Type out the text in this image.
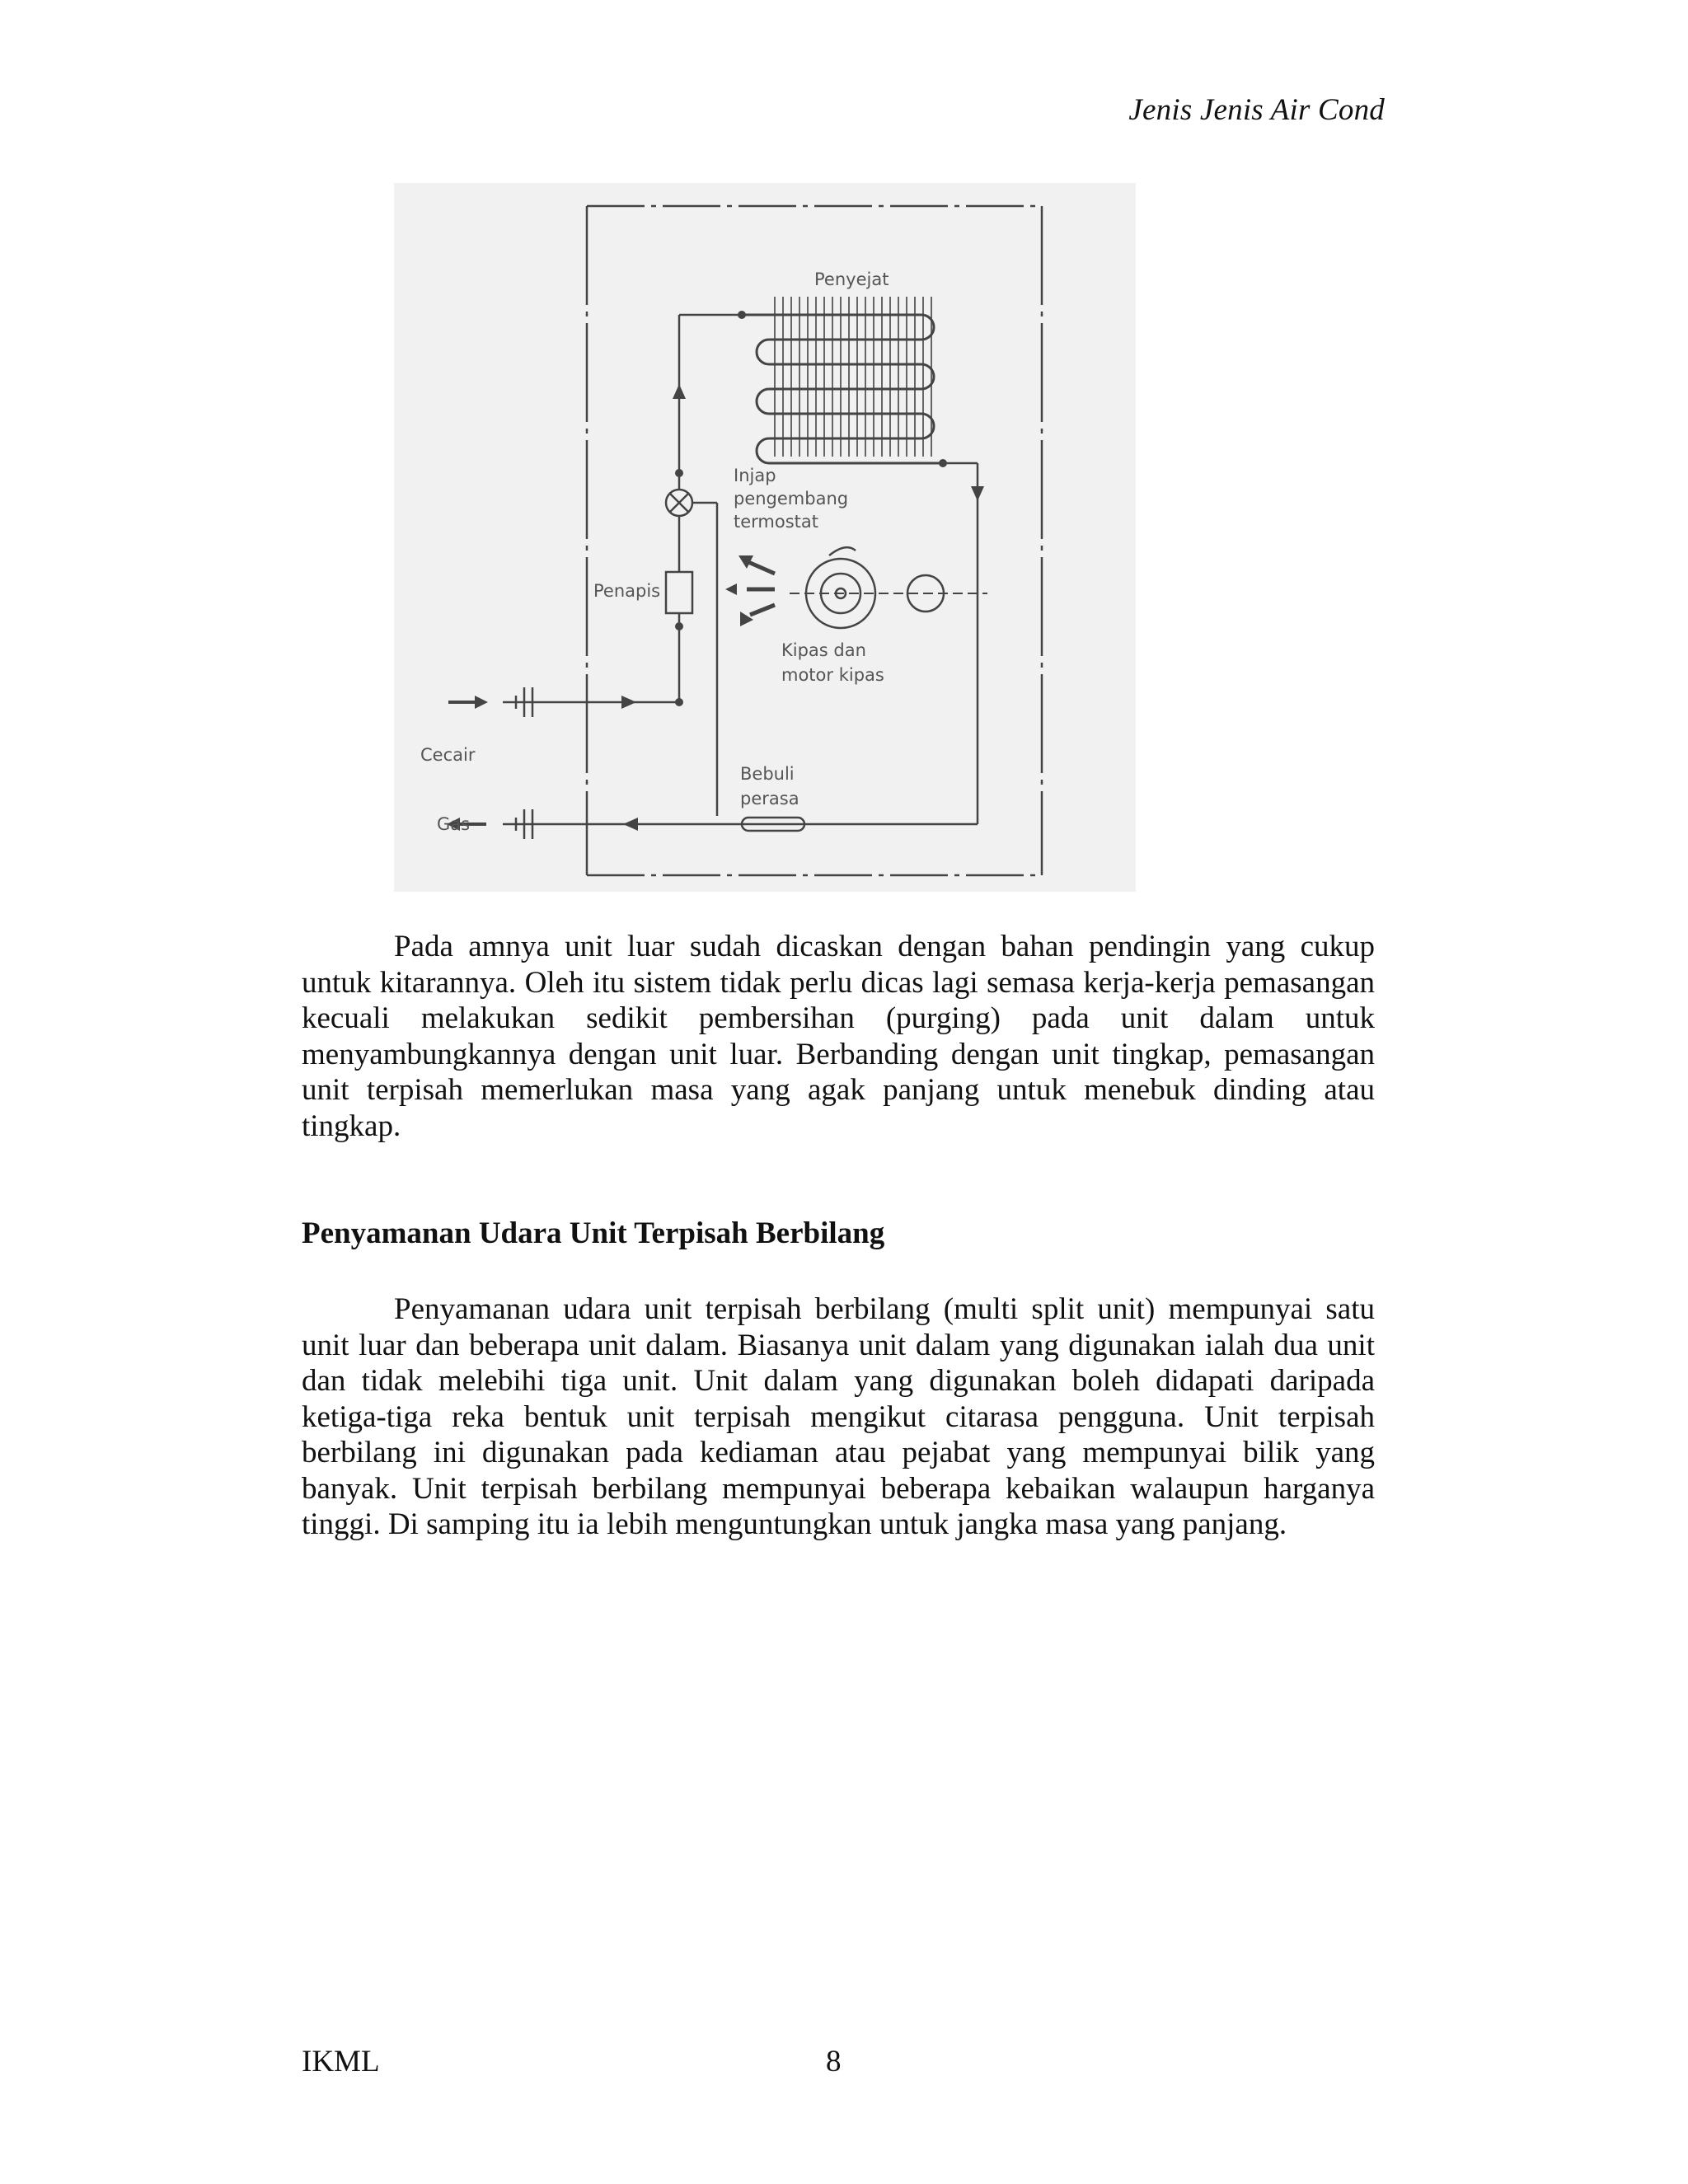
Jenis Jenis Air Cond
Penyejat
Injap
pengembang
termostat
Penapis
Kipas dan
motor kipas
Cecair
Bebuli
perasa
Gas

Pada amnya unit luar sudah dicaskan dengan bahan pendingin yang cukup untuk kitarannya. Oleh itu sistem tidak perlu dicas lagi semasa kerja-kerja pemasangan kecuali melakukan sedikit pembersihan (purging) pada unit dalam untuk menyambungkannya dengan unit luar. Berbanding dengan unit tingkap, pemasangan unit terpisah memerlukan masa yang agak panjang untuk menebuk dinding atau tingkap.

Penyamanan Udara Unit Terpisah Berbilang

Penyamanan udara unit terpisah berbilang (multi split unit) mempunyai satu unit luar dan beberapa unit dalam. Biasanya unit dalam yang digunakan ialah dua unit dan tidak melebihi tiga unit. Unit dalam yang digunakan boleh didapati daripada ketiga-tiga reka bentuk unit terpisah mengikut citarasa pengguna. Unit terpisah berbilang ini digunakan pada kediaman atau pejabat yang mempunyai bilik yang banyak. Unit terpisah berbilang mempunyai beberapa kebaikan walaupun harganya tinggi. Di samping itu ia lebih menguntungkan untuk jangka masa yang panjang.

IKML	8
